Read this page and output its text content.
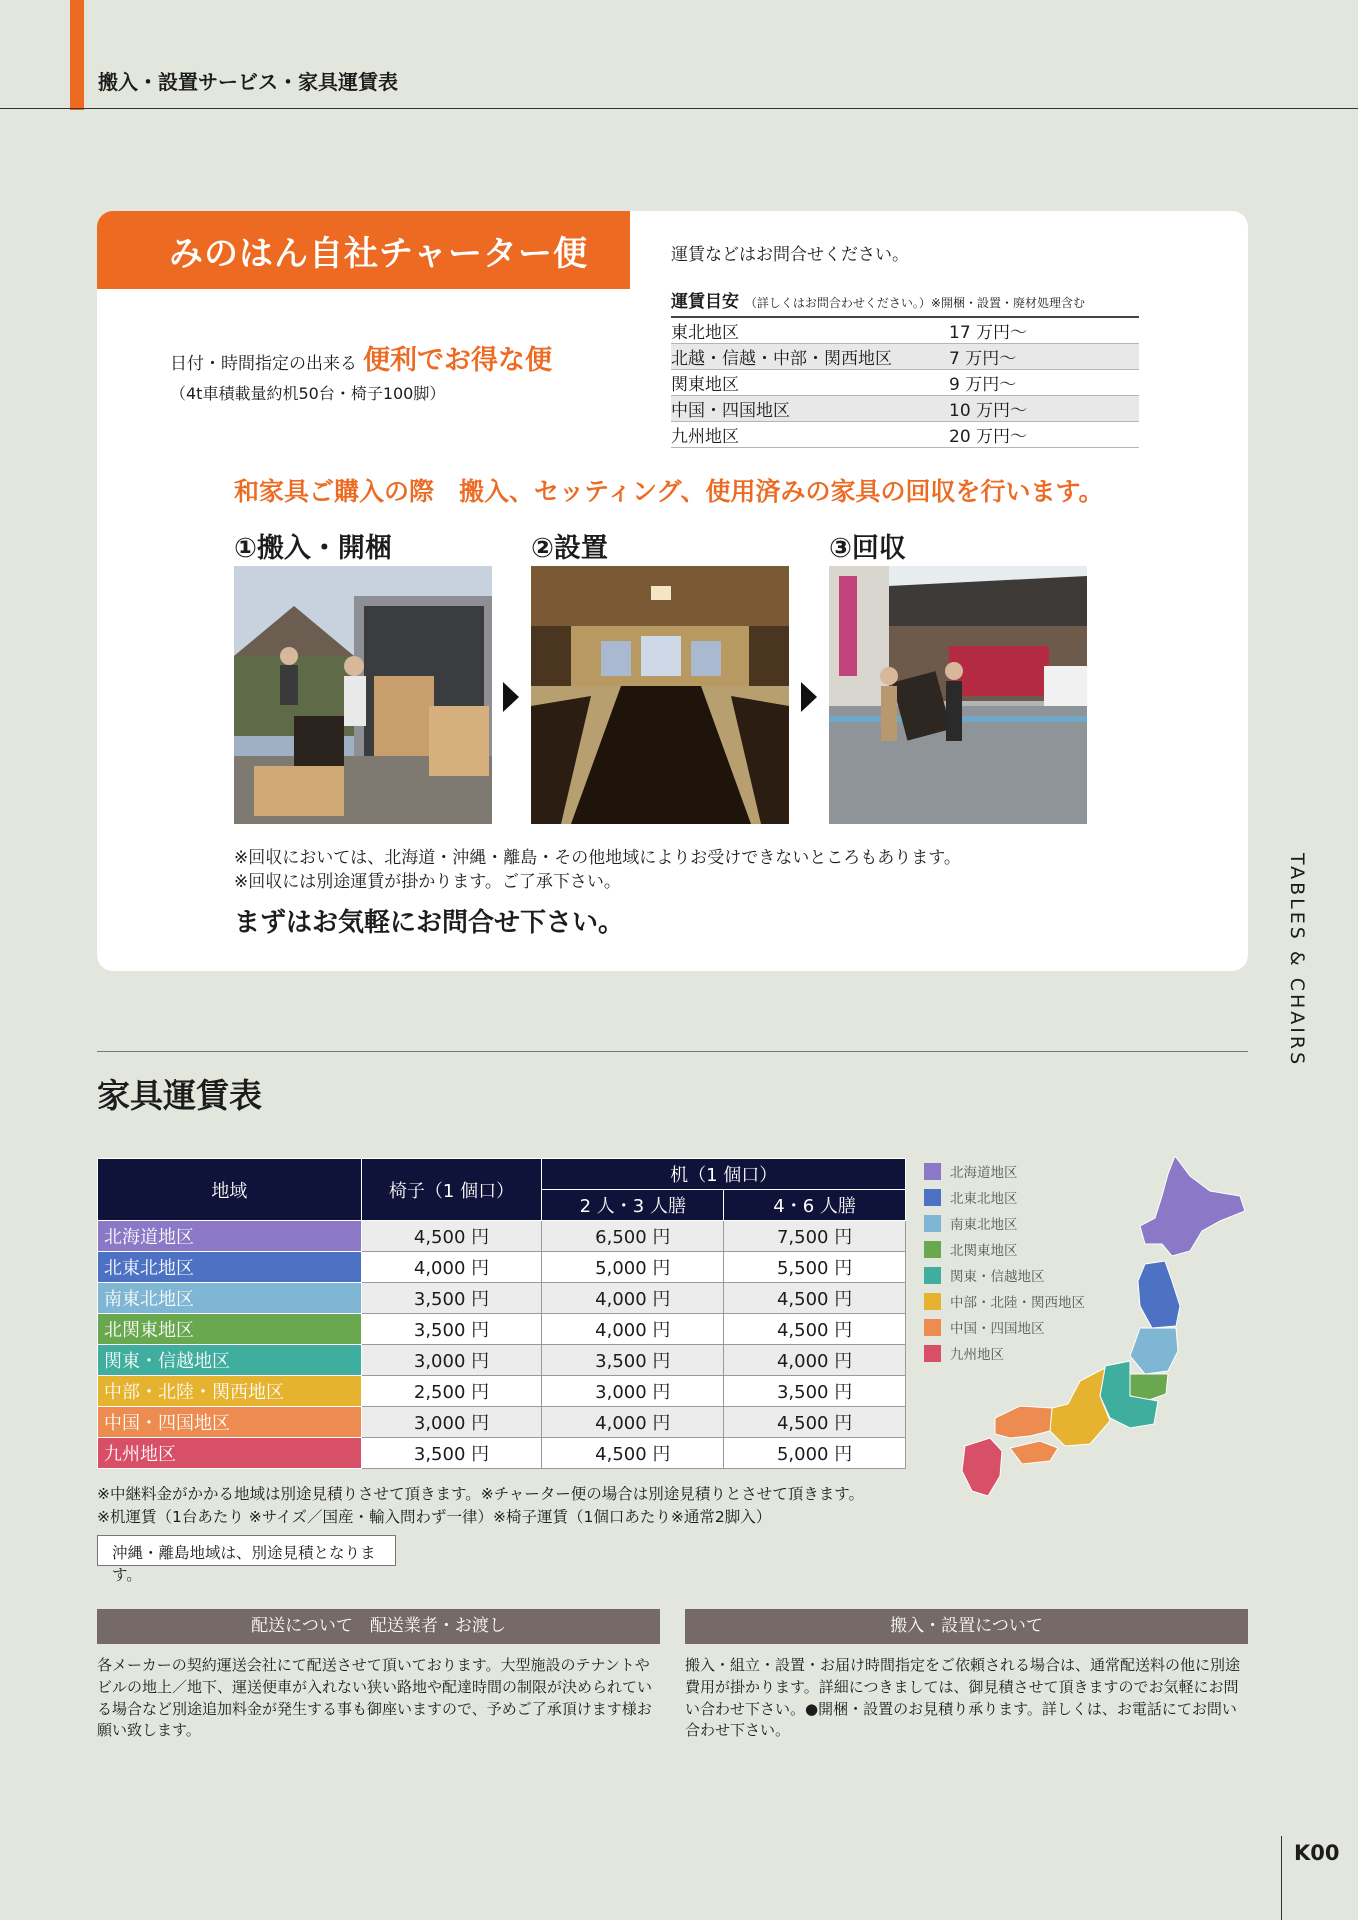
搬入・設置サービス・家具運賃表
みのはん自社チャーター便	運賃などはお問合せください。
運賃目安 （詳しくはお問合わせください。）※開梱・設置・廃材処理含む
東北地区	17 万円～
北越・信越・中部・関西地区	7 万円～
関東地区	9 万円～
中国・四国地区	10 万円～
九州地区	20 万円～
日付・時間指定の出来る 便利でお得な便
（4t車積載量約机50台・椅子100脚）
和家具ご購入の際　搬入、セッティング、使用済みの家具の回収を行います。
①搬入・開梱	②設置	③回収
※回収においては、北海道・沖縄・離島・その他地域によりお受けできないところもあります。
※回収には別途運賃が掛かります。ご了承下さい。
まずはお気軽にお問合せ下さい。	TABLES & CHAIRS
家具運賃表
地域	椅子（1 個口）	机（1 個口）	
		2 人・3 人膳	4・6 人膳
北海道地区	4,500 円	6,500 円	7,500 円
北東北地区	4,000 円	5,000 円	5,500 円
南東北地区	3,500 円	4,000 円	4,500 円
北関東地区	3,500 円	4,000 円	4,500 円
関東・信越地区	3,000 円	3,500 円	4,000 円
中部・北陸・関西地区	2,500 円	3,000 円	3,500 円
中国・四国地区	3,000 円	4,000 円	4,500 円
九州地区	3,500 円	4,500 円	5,000 円
※中継料金がかかる地域は別途見積りさせて頂きます。※チャーター便の場合は別途見積りとさせて頂きます。
※机運賃（1台あたり ※サイズ／国産・輸入問わず一律）※椅子運賃（1個口あたり※通常2脚入）
沖縄・離島地域は、別途見積となります。
北海道地区
北東北地区
南東北地区
北関東地区
関東・信越地区
中部・北陸・関西地区
中国・四国地区
九州地区
配送について　配送業者・お渡し
各メーカーの契約運送会社にて配送させて頂いております。大型施設のテナントやビルの地上／地下、運送便車が入れない狭い路地や配達時間の制限が決められている場合など別途追加料金が発生する事も御座いますので、予めご了承頂けます様お願い致します。
搬入・設置について
搬入・組立・設置・お届け時間指定をご依頼される場合は、通常配送料の他に別途費用が掛かります。詳細につきましては、御見積させて頂きますのでお気軽にお問い合わせ下さい。●開梱・設置のお見積り承ります。詳しくは、お電話にてお問い合わせ下さい。
K00
